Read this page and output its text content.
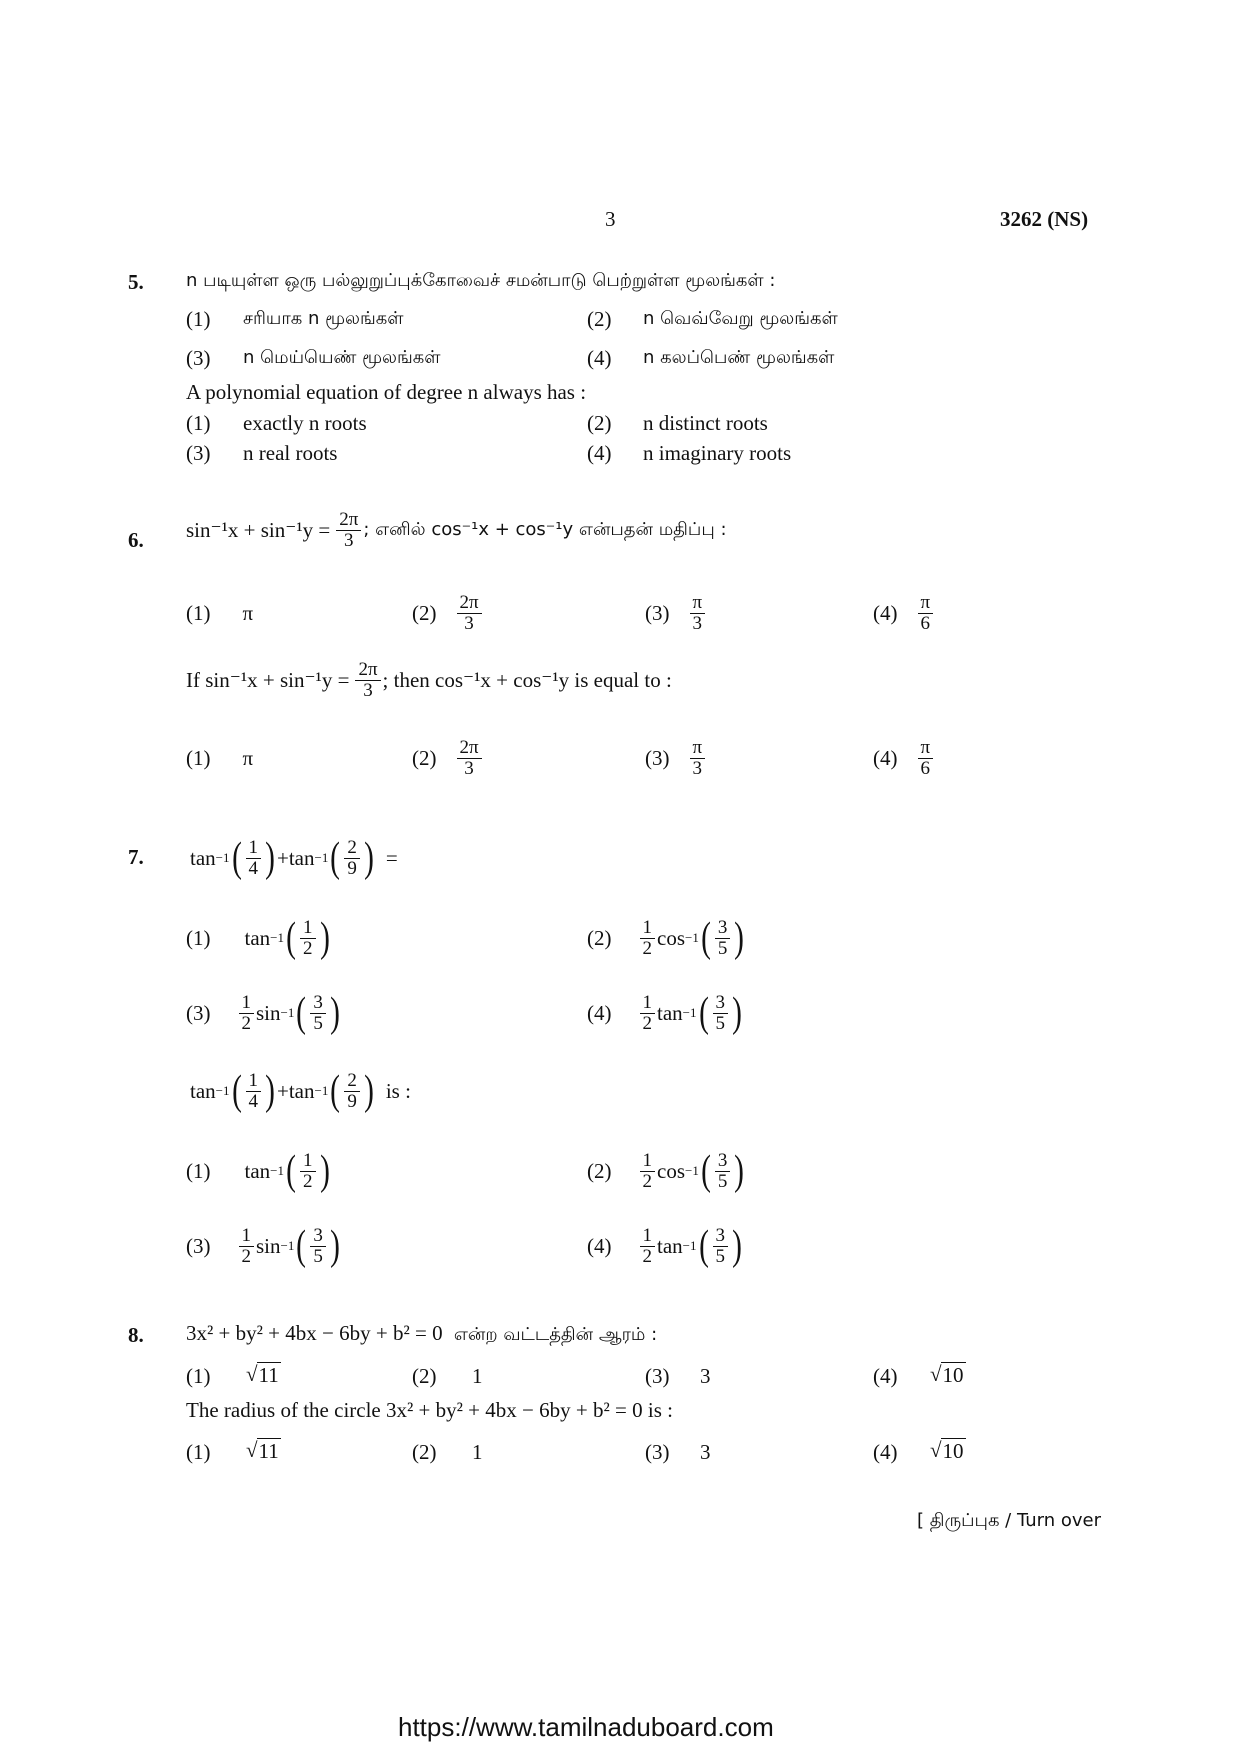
3	3262 (NS)
5. n படியுள்ள ஒரு பல்லுறுப்புக்கோவைச் சமன்பாடு பெற்றுள்ள மூலங்கள் :
(1) சரியாக n மூலங்கள்	(2) n வெவ்வேறு மூலங்கள்
(3) n மெய்யெண் மூலங்கள்	(4) n கலப்பெண் மூலங்கள்
A polynomial equation of degree n always has :
(1) exactly n roots	(2) n distinct roots
(3) n real roots	(4) n imaginary roots
6. $\sin^{-1}x + \sin^{-1}y = \frac{2\pi}{3}$ ; எனில் cos⁻¹x + cos⁻¹y என்பதன் மதிப்பு :
(1) π	$(2) \frac{2\pi}{3}$	$(3) \frac{\pi}{3}$	$(4) \frac{\pi}{6}$
If $\sin^{-1}x + \sin^{-1}y = \frac{2\pi}{3}$ ; then cos⁻¹x + cos⁻¹y is equal to :
(1) π	$(2) \frac{2\pi}{3}$	$(3) \frac{\pi}{3}$	$(4) \frac{\pi}{6}$
7. tan −1 ( $\frac{1}{4}$ ) + tan −1 ( $\frac{2}{9}$ ) =
(1) tan −1 ( $\frac{1}{2}$ )	$(2) \frac{1}{2}$ cos −1 ( $\frac{3}{5}$ )
$(3) \frac{1}{2}$ sin −1 ( $\frac{3}{5}$ )	$(4) \frac{1}{2}$ tan −1 ( $\frac{3}{5}$ )
tan −1 ( $\frac{1}{4}$ ) + tan −1 ( $\frac{2}{9}$ ) is :
(1) tan −1 ( $\frac{1}{2}$ )	$(2) \frac{1}{2}$ cos −1 ( $\frac{3}{5}$ )
$(3) \frac{1}{2}$ sin −1 ( $\frac{3}{5}$ )	$(4) \frac{1}{2}$ tan −1 ( $\frac{3}{5}$ )
8. 3x² + by² + 4bx − 6by + b² = 0 என்ற வட்டத்தின் ஆரம் :
(1) √ 11	(2) 1	(3) 3	(4) √ 10
The radius of the circle 3x² + by² + 4bx − 6by + b² = 0 is :
(1) √ 11	(2) 1	(3) 3	(4) √ 10
[ திருப்புக / Turn over
https://www.tamilnaduboard.com
